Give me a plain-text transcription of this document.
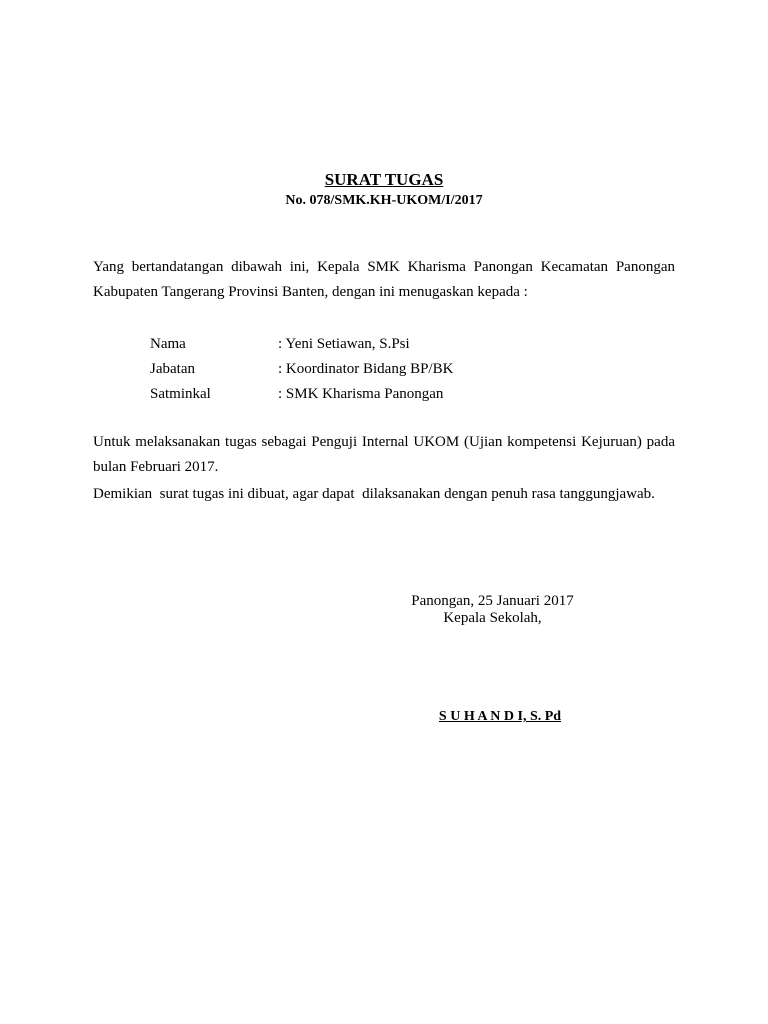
SURAT TUGAS
No. 078/SMK.KH-UKOM/I/2017

Yang bertandatangan dibawah ini, Kepala SMK Kharisma Panongan Kecamatan Panongan Kabupaten Tangerang Provinsi Banten, dengan ini menugaskan kepada :

Nama	: Yeni Setiawan, S.Psi
Jabatan	: Koordinator Bidang BP/BK
Satminkal	: SMK Kharisma Panongan

Untuk melaksanakan tugas sebagai Penguji Internal UKOM (Ujian kompetensi Kejuruan) pada bulan Februari 2017.

Demikian  surat tugas ini dibuat, agar dapat  dilaksanakan dengan penuh rasa tanggungjawab.

Panongan, 25 Januari 2017
Kepala Sekolah,
S U H A N D I, S. Pd
